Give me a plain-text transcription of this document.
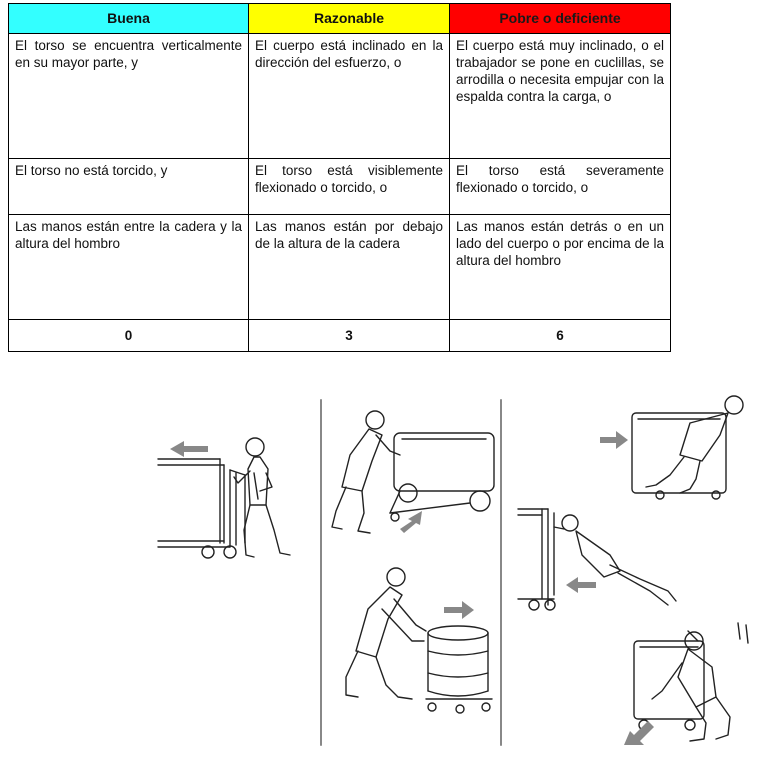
Buena	Razonable	Pobre o deficiente
El torso se encuentra verticalmente en su mayor parte, y	El cuerpo está inclinado en la dirección del esfuerzo, o	El cuerpo está muy inclinado, o el trabajador se pone en cuclillas, se arrodilla o necesita empujar con la espalda contra la carga, o
El torso no está torcido, y	El torso está visiblemente flexionado o torcido, o	El torso está severamente flexionado o torcido, o
Las manos están entre la cadera y la altura del hombro	Las manos están por debajo de la altura de la cadera	Las manos están detrás o en un lado del cuerpo o por encima de la altura del hombro
0	3	6
